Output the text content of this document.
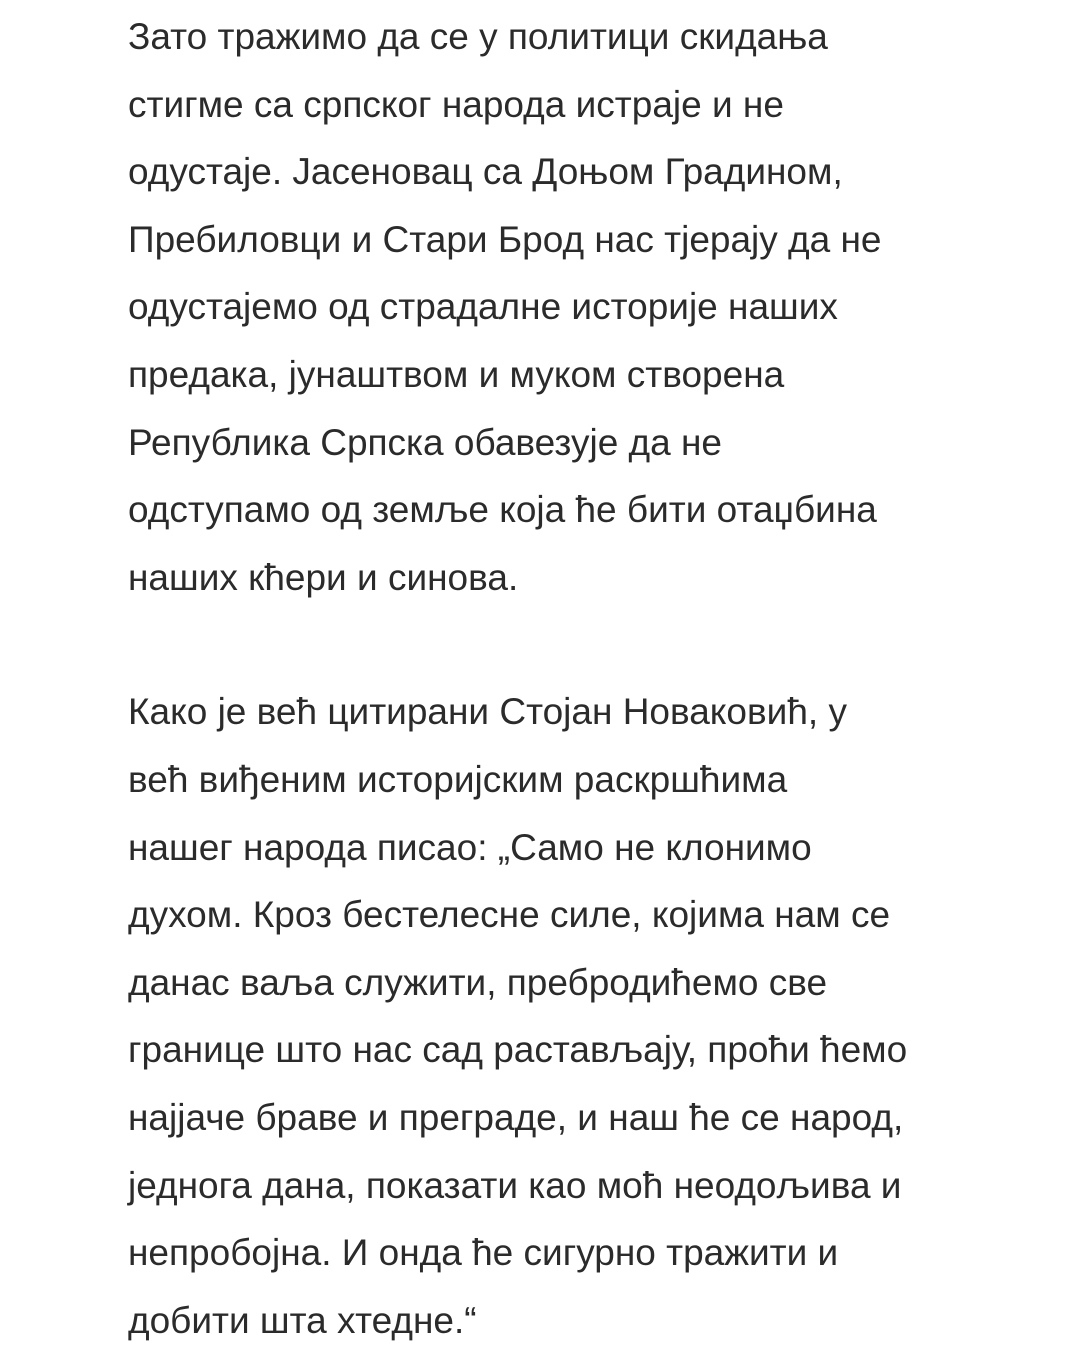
Зато тражимо да се у политици скидања
стигме са српског народа истраје и не
одустаје. Јасеновац са Доњом Градином,
Пребиловци и Стари Брод нас тјерају да не
одустајемо од страдалне историје наших
предака, јунаштвом и муком створена
Република Српска обавезује да не
одступамо од земље која ће бити отаџбина
наших кћери и синова.
Како је већ цитирани Стојан Новаковић, у
већ виђеним историјским раскршћима
нашег народа писао: „Само не клонимо
духом. Кроз бестелесне силе, којима нам се
данас ваља служити, пребродићемо све
границе што нас сад растављају, проћи ћемо
најјаче браве и преграде, и наш ће се народ,
једнога дана, показати као моћ неодољива и
непробојна. И онда ће сигурно тражити и
добити шта хтедне.“
